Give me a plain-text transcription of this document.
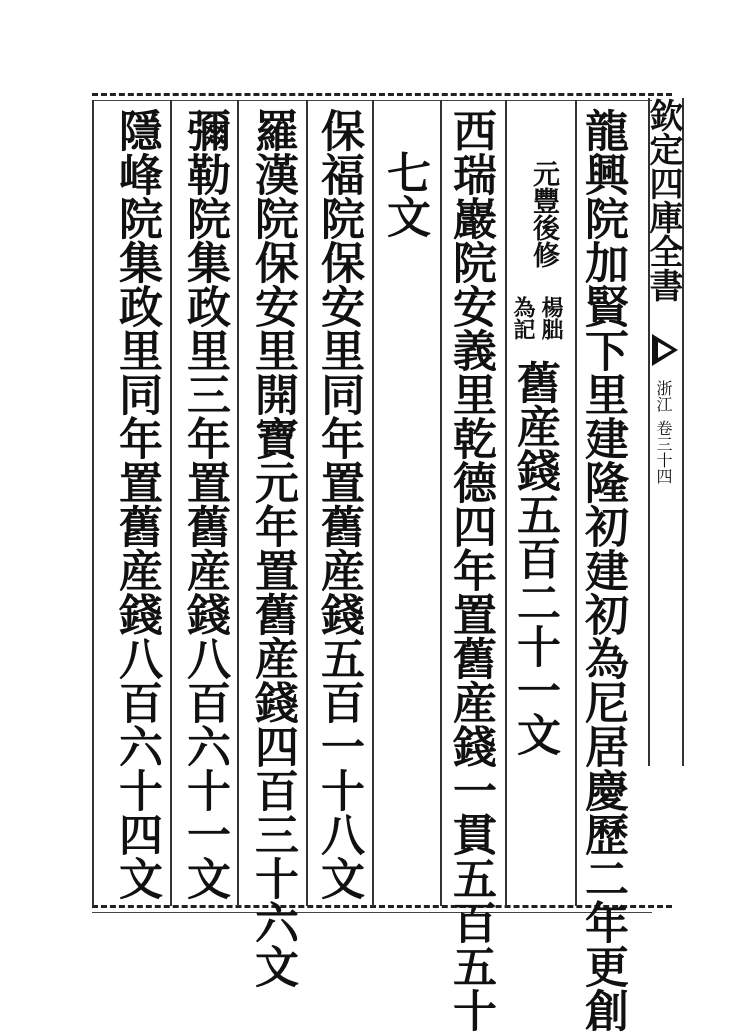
欽定四庫全書
浙江
卷三十四
龍興院加賢下里建隆初建初為尼居慶歷二年更創
元豐後修
楊胐
為記
舊産錢五百二十一文
西瑞巖院安義里乾德四年置舊産錢一貫五百五十
七文
保福院保安里同年置舊産錢五百一十八文
羅漢院保安里開寶元年置舊産錢四百三十六文
彌勒院集政里三年置舊産錢八百六十一文
隱峰院集政里同年置舊産錢八百六十四文
